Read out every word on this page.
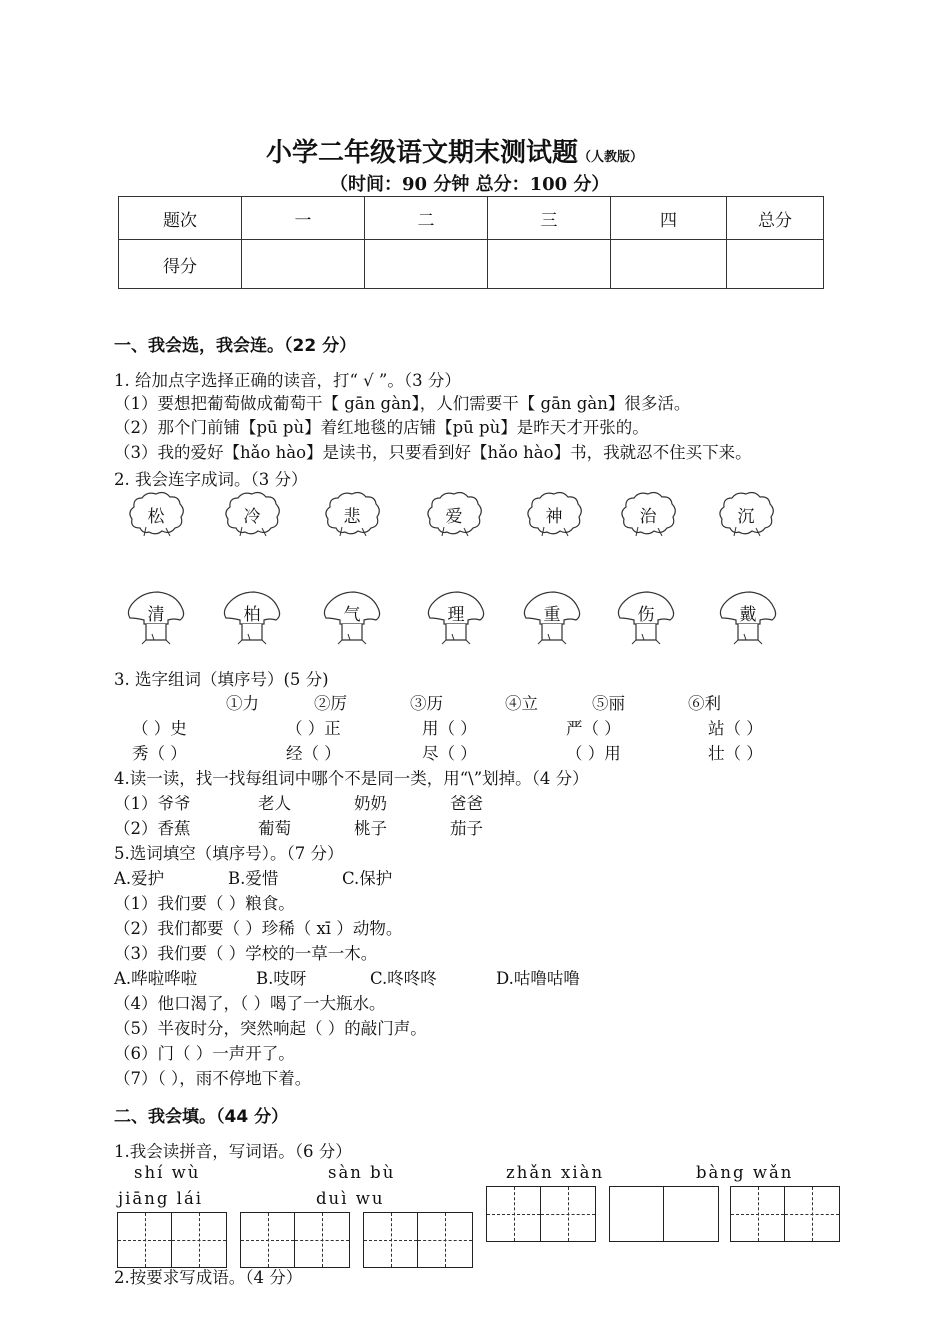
小学二年级语文期末测试题（人教版）
（时间：90 分钟 总分：100 分）
题次	一	二	三	四	总分
得分					
一、我会选，我会连。（22 分）
1. 给加点字选择正确的读音，打“ √ ”。（3 分）
（1）要想把葡萄做成葡萄干【 gān gàn】，人们需要干【 gān gàn】很多活。
（2）那个门前铺【pū pù】着红地毯的店铺【pū pù】是昨天才开张的。
（3）我的爱好【hǎo hào】是读书，只要看到好【hǎo hào】书，我就忍不住买下来。
2. 我会连字成词。（3 分）
松	冷	悲	爱	神	治	沉
清	柏	气	理	重	伤	戴
3. 选字组词（填序号）(5 分)
①力	②厉	③历	④立	⑤丽	⑥利
（ ）史	（ ）正	用（ ）	严（ ）	站（ ）
秀（ ）	经（ ）	尽（ ）	（ ）用	壮（ ）
4.读一读，找一找每组词中哪个不是同一类，用“\”划掉。（4 分）
（1）爷爷	老人	奶奶	爸爸
（2）香蕉	葡萄	桃子	茄子
5.选词填空（填序号）。（7 分）
A.爱护	B.爱惜	C.保护
（1）我们要（ ）粮食。
（2）我们都要（ ）珍稀（ xī ）动物。
（3）我们要（ ）学校的一草一木。
A.哗啦哗啦	B.吱呀	C.咚咚咚	D.咕噜咕噜
（4）他口渴了，（ ）喝了一大瓶水。
（5）半夜时分，突然响起（ ）的敲门声。
（6）门（ ）一声开了。
（7）（ ），雨不停地下着。
二、我会填。（44 分）
1.我会读拼音，写词语。（6 分）
shí wù	sàn bù	zhǎn xiàn	bàng wǎn
jiāng lái	duì wu
2.按要求写成语。（4 分）
